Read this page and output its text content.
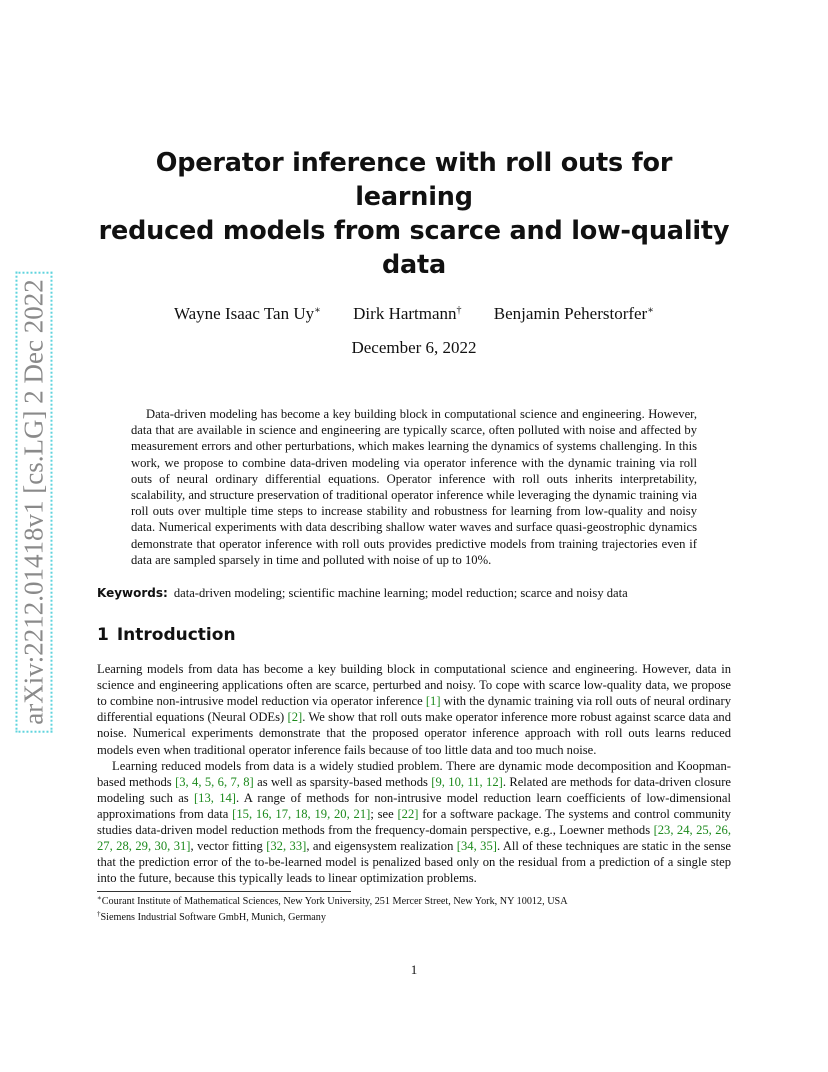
arXiv:2212.01418v1 [cs.LG] 2 Dec 2022
Operator inference with roll outs for learning
reduced models from scarce and low-quality data
Wayne Isaac Tan Uy∗ Dirk Hartmann† Benjamin Peherstorfer∗
December 6, 2022

Data-driven modeling has become a key building block in computational science and engineering. However, data that are available in science and engineering are typically scarce, often polluted with noise and affected by measurement errors and other perturbations, which makes learning the dynamics of systems challenging. In this work, we propose to combine data-driven modeling via operator inference with the dynamic training via roll outs of neural ordinary differential equations. Operator inference with roll outs inherits interpretability, scalability, and structure preservation of traditional operator inference while leveraging the dynamic training via roll outs over multiple time steps to increase stability and robustness for learning from low-quality and noisy data. Numerical experiments with data describing shallow water waves and surface quasi-geostrophic dynamics demonstrate that operator inference with roll outs provides predictive models from training trajectories even if data are sampled sparsely in time and polluted with noise of up to 10%.

Keywords: data-driven modeling; scientific machine learning; model reduction; scarce and noisy data
1 Introduction

Learning models from data has become a key building block in computational science and engineering. However, data in science and engineering applications often are scarce, perturbed and noisy. To cope with scarce low-quality data, we propose to combine non-intrusive model reduction via operator inference [1] with the dynamic training via roll outs of neural ordinary differential equations (Neural ODEs) [2]. We show that roll outs make operator inference more robust against scarce data and noise. Numerical experiments demonstrate that the proposed operator inference approach with roll outs learns reduced models even when traditional operator inference fails because of too little data and too much noise.

Learning reduced models from data is a widely studied problem. There are dynamic mode decomposition and Koopman-based methods [3, 4, 5, 6, 7, 8] as well as sparsity-based methods [9, 10, 11, 12]. Related are methods for data-driven closure modeling such as [13, 14]. A range of methods for non-intrusive model reduction learn coefficients of low-dimensional approximations from data [15, 16, 17, 18, 19, 20, 21]; see [22] for a software package. The systems and control community studies data-driven model reduction methods from the frequency-domain perspective, e.g., Loewner methods [23, 24, 25, 26, 27, 28, 29, 30, 31], vector fitting [32, 33], and eigensystem realization [34, 35]. All of these techniques are static in the sense that the prediction error of the to-be-learned model is penalized based only on the residual from a prediction of a single step into the future, because this typically leads to linear optimization problems.

∗Courant Institute of Mathematical Sciences, New York University, 251 Mercer Street, New York, NY 10012, USA
†Siemens Industrial Software GmbH, Munich, Germany
1
